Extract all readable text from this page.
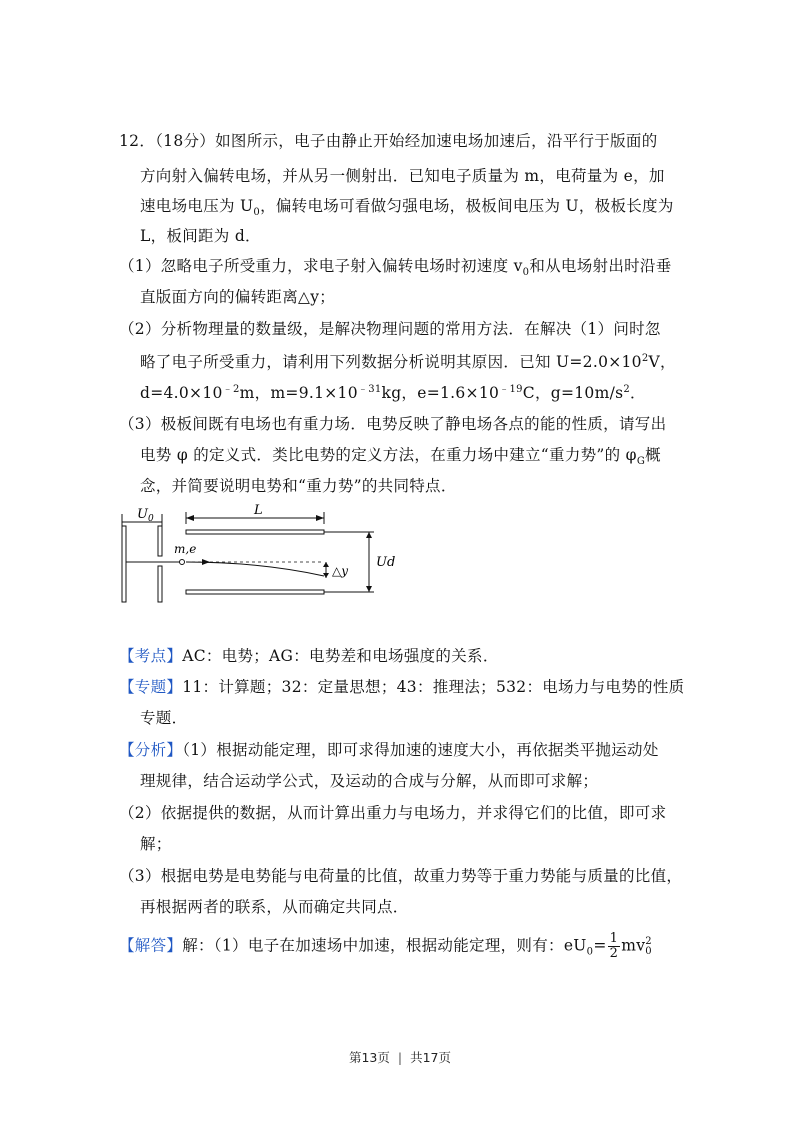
12．（18分）如图所示，电子由静止开始经加速电场加速后，沿平行于版面的
方向射入偏转电场，并从另一侧射出．已知电子质量为 m，电荷量为 e，加
速电场电压为 $U_0$，偏转电场可看做匀强电场，极板间电压为 U，极板长度为
L，板间距为 d．
（1）忽略电子所受重力，求电子射入偏转电场时初速度 $v_0$和从电场射出时沿垂
直版面方向的偏转距离△y；
（2）分析物理量的数量级，是解决物理问题的常用方法．在解决（1）问时忽
略了电子所受重力，请利用下列数据分析说明其原因．已知 $U=2.0\times 10^2V$，
$d=4.0\times 10^{﹣2}m$，$m=9.1\times 10^{﹣31}kg$，$e=1.6\times 10^{﹣19}C$，$g=10m/s^2$．
（3）极板间既有电场也有重力场．电势反映了静电场各点的能的性质，请写出
电势 φ 的定义式．类比电势的定义方法，在重力场中建立“重力势”的 $\varphi_G$概
念，并简要说明电势和“重力势”的共同特点．
$U_0$
m,e
L
△y
Ud
【考点】AC：电势；AG：电势差和电场强度的关系．
【专题】11：计算题；32：定量思想；43：推理法；532：电场力与电势的性质
专题．
【分析】（1）根据动能定理，即可求得加速的速度大小，再依据类平抛运动处
理规律，结合运动学公式，及运动的合成与分解，从而即可求解；
（2）依据提供的数据，从而计算出重力与电场力，并求得它们的比值，即可求
解；
（3）根据电势是电势能与电荷量的比值，故重力势等于重力势能与质量的比值，
再根据两者的联系，从而确定共同点．
【解答】解：（1）电子在加速场中加速，根据动能定理，则有：$eU_0= \frac{1}{2}$ mv 2
0
第13页 | 共17页
